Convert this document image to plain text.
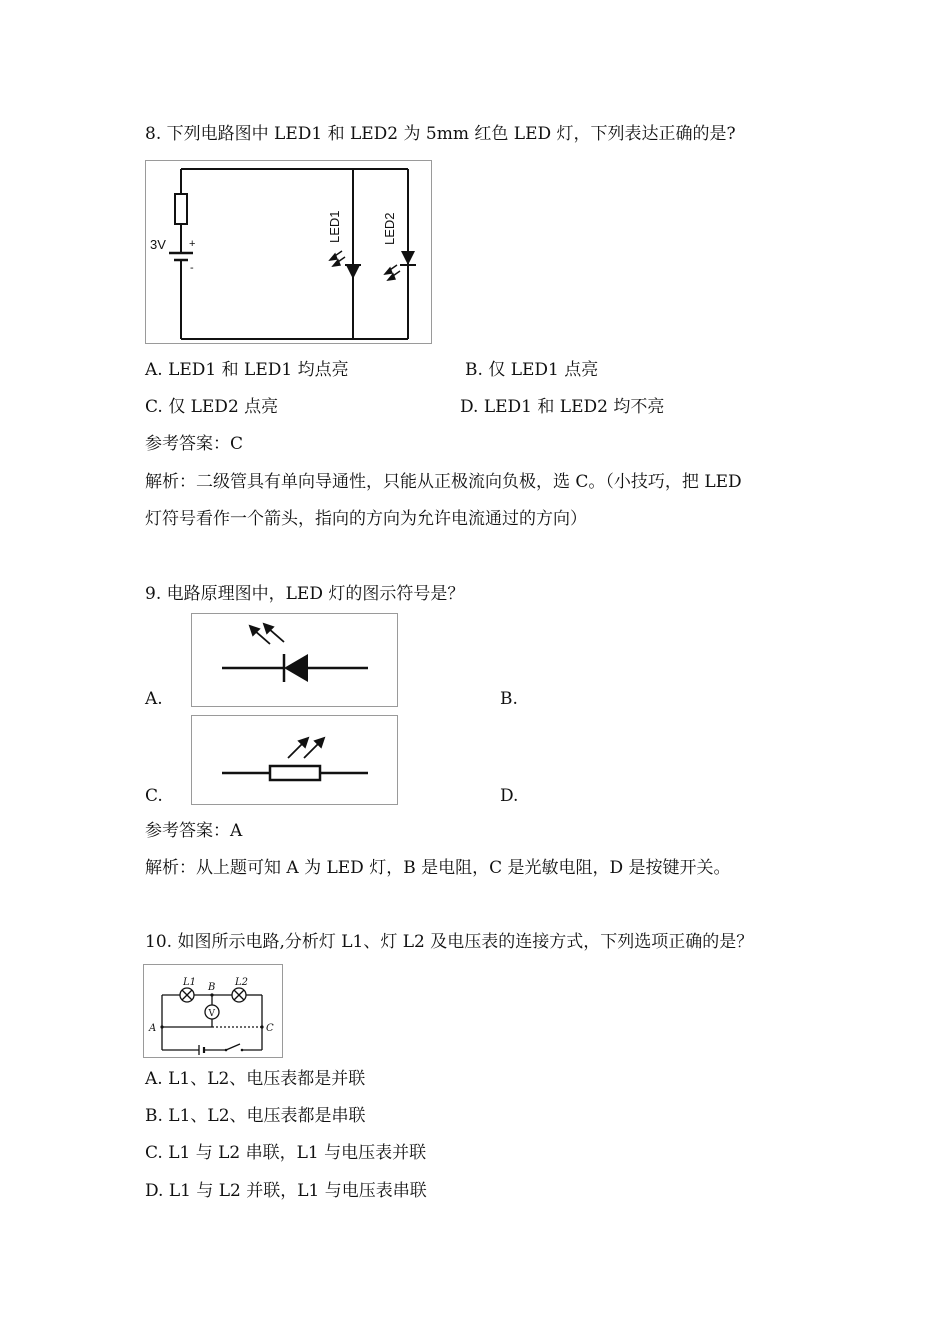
8. 下列电路图中 LED1 和 LED2 为 5mm 红色 LED 灯，下列表达正确的是?
3V +
-
LED1	LED2
A. LED1 和 LED1 均点亮	B. 仅 LED1 点亮
C. 仅 LED2 点亮	D. LED1 和 LED2 均不亮
参考答案：C
解析：二级管具有单向导通性，只能从正极流向负极，选 C。（小技巧，把 LED
灯符号看作一个箭头，指向的方向为允许电流通过的方向）
9. 电路原理图中，LED 灯的图示符号是？
A.	B.
C.	D.
参考答案：A
解析：从上题可知 A 为 LED 灯，B 是电阻，C 是光敏电阻，D 是按键开关。
10. 如图所示电路,分析灯 L1、灯 L2 及电压表的连接方式，下列选项正确的是？
L1	L2
B
A	C
V
A. L1、L2、电压表都是并联
B. L1、L2、电压表都是串联
C. L1 与 L2 串联，L1 与电压表并联
D. L1 与 L2 并联，L1 与电压表串联
